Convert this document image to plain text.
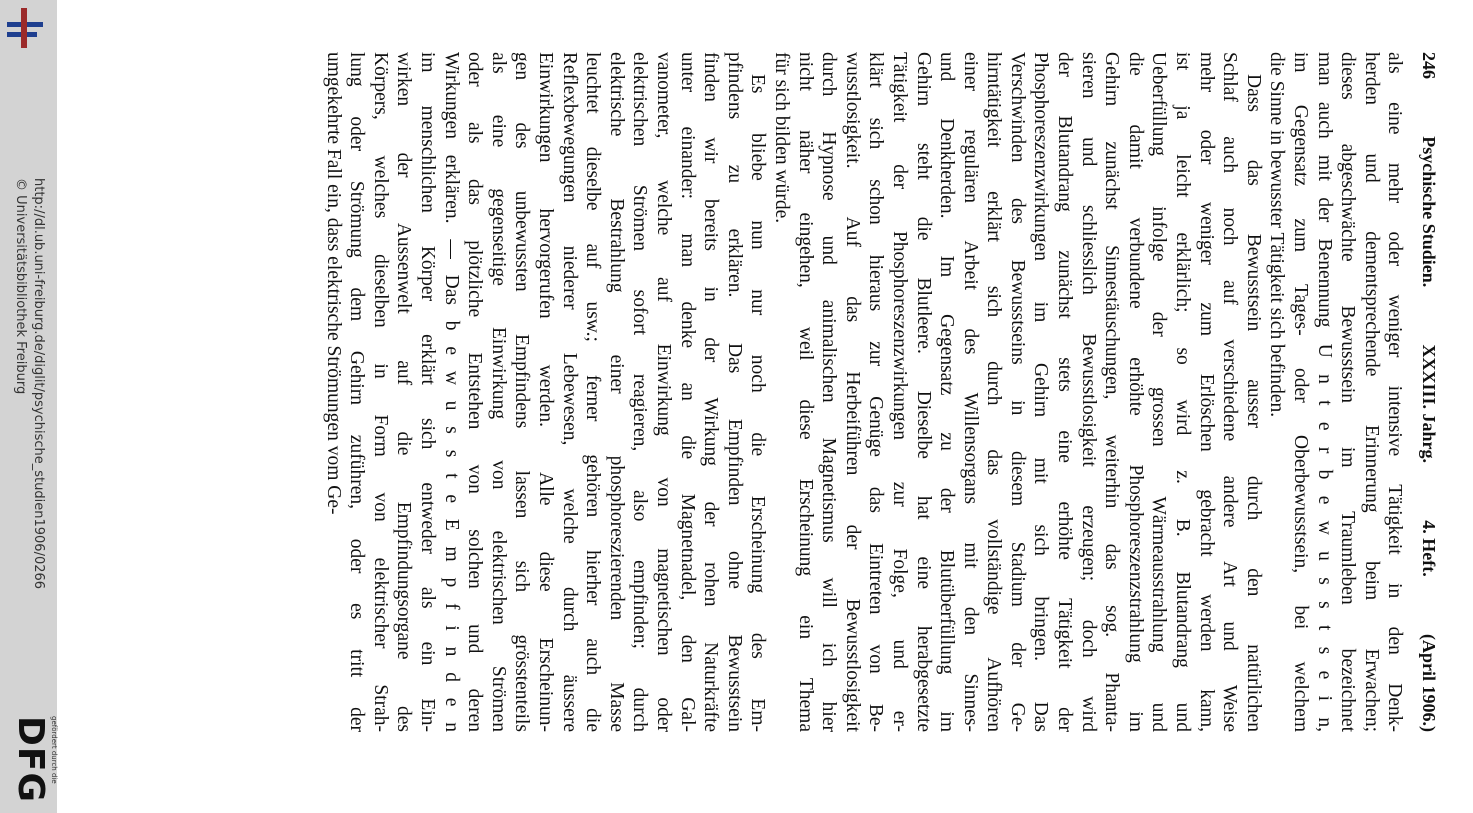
http://dl.ub.uni-freiburg.de/diglit/psychische_studien1906/0266
© Universitätsbibliothek Freiburg
gefördert durch die
DFG
246
Psychische Studien.
XXXIII. Jahrg.
4. Heft.
(April 1906.)
als eine mehr oder weniger intensive Tätigkeit in den Denk-
herden und dementsprechende Erinnerung beim Erwachen;
dieses abgeschwächte Bewusstsein im Traumleben bezeichnet
man auch mit der Benennung U n t e r b e w u s s t s e i n,
im Gegensatz zum Tages- oder Oberbewusstsein, bei welchem
die Sinne in bewusster Tätigkeit sich befinden.
Dass das Bewusstsein ausser durch den natürlichen
Schlaf auch noch auf verschiedene andere Art und Weise
mehr oder weniger zum Erlöschen gebracht werden kann,
ist ja leicht erklärlich; so wird z. B. Blutandrang und
Ueberfüllung infolge der grossen Wärmeausstrahlung und
die damit verbundene erhöhte Phosphoreszenzstrahlung im
Gehirn zunächst Sinnestäuschungen, weiterhin das sog. Phanta-
sieren und schliesslich Bewusstlosigkeit erzeugen; doch wird
der Blutandrang zunächst stets eine erhöhte Tätigkeit der
Phosphoreszenzwirkungen im Gehirn mit sich bringen. Das
Verschwinden des Bewusstseins in diesem Stadium der Ge-
hirntätigkeit erklärt sich durch das vollständige Aufhören
einer regulären Arbeit des Willensorgans mit den Sinnes-
und Denkherden. Im Gegensatz zu der Blutüberfüllung im
Gehirn steht die Blutleere. Dieselbe hat eine herabgesetzte
Tätigkeit der Phosphoreszenzwirkungen zur Folge, und er-
klärt sich schon hieraus zur Genüge das Eintreten von Be-
wusstlosigkeit. Auf das Herbeiführen der Bewusstlosigkeit
durch Hypnose und animalischen Magnetismus will ich hier
nicht näher eingehen, weil diese Erscheinung ein Thema
für sich bilden würde.
Es bliebe nun nur noch die Erscheinung des Em-
pfindens zu erklären. Das Empfinden ohne Bewusstsein
finden wir bereits in der Wirkung der rohen Naturkräfte
unter einander: man denke an die Magnetnadel, den Gal-
vanometer, welche auf Einwirkung von magnetischen oder
elektrischen Strömen sofort reagieren, also empfinden; durch
elektrische Bestrahlung einer phosphoreszierenden Masse
leuchtet dieselbe auf usw.; ferner gehören hierher auch die
Reflexbewegungen niederer Lebewesen, welche durch äussere
Einwirkungen hervorgerufen werden. Alle diese Erscheinun-
gen des unbewussten Empfindens lassen sich grösstenteils
als eine gegenseitige Einwirkung von elektrischen Strömen
oder als das plötzliche Entstehen von solchen und deren
Wirkungen erklären. — Das b e w u s s t e E m p f i n d e n
im menschlichen Körper erklärt sich entweder als ein Ein-
wirken der Aussenwelt auf die Empfindungsorgane des
Körpers, welches dieselben in Form von elektrischer Strah-
lung oder Strömung dem Gehirn zuführen, oder es tritt der
umgekehrte Fall ein, dass elektrische Strömungen vom Ge-
